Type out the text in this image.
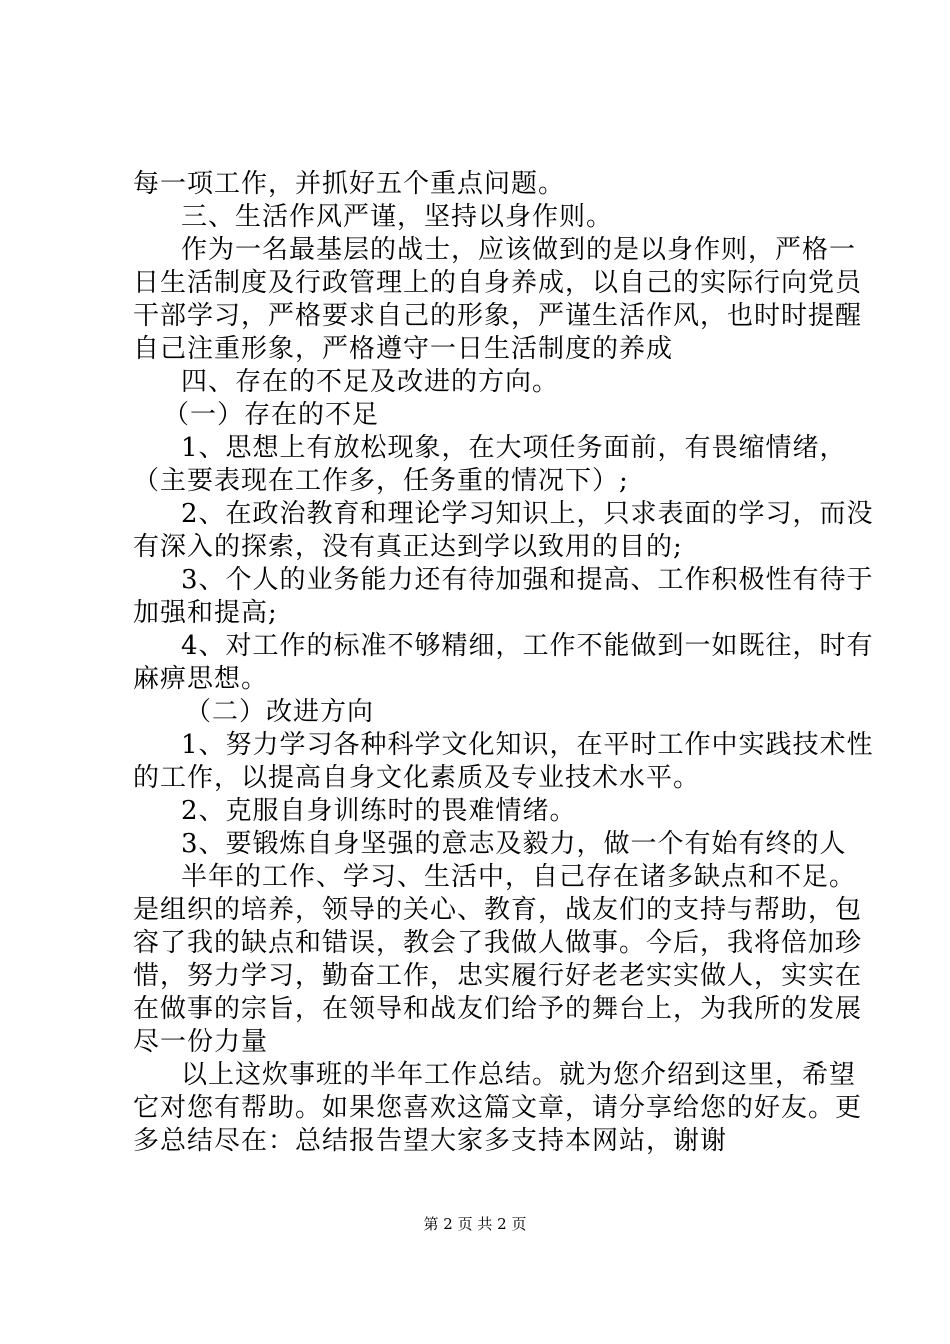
每一项工作，并抓好五个重点问题。
三、生活作风严谨，坚持以身作则。
作为一名最基层的战士，应该做到的是以身作则，严格一
日生活制度及行政管理上的自身养成，以自己的实际行向党员
干部学习，严格要求自己的形象，严谨生活作风，也时时提醒
自己注重形象，严格遵守一日生活制度的养成
四、存在的不足及改进的方向。
（一）存在的不足
1、思想上有放松现象，在大项任务面前，有畏缩情绪，
（主要表现在工作多，任务重的情况下）;
2、在政治教育和理论学习知识上，只求表面的学习，而没
有深入的探索，没有真正达到学以致用的目的;
3、个人的业务能力还有待加强和提高、工作积极性有待于
加强和提高;
4、对工作的标准不够精细，工作不能做到一如既往，时有
麻痹思想。
（二）改进方向
1、努力学习各种科学文化知识，在平时工作中实践技术性
的工作，以提高自身文化素质及专业技术水平。
2、克服自身训练时的畏难情绪。
3、要锻炼自身坚强的意志及毅力，做一个有始有终的人
半年的工作、学习、生活中，自己存在诸多缺点和不足。
是组织的培养，领导的关心、教育，战友们的支持与帮助，包
容了我的缺点和错误，教会了我做人做事。今后，我将倍加珍
惜，努力学习，勤奋工作，忠实履行好老老实实做人，实实在
在做事的宗旨，在领导和战友们给予的舞台上，为我所的发展
尽一份力量
以上这炊事班的半年工作总结。就为您介绍到这里，希望
它对您有帮助。如果您喜欢这篇文章，请分享给您的好友。更
多总结尽在：总结报告望大家多支持本网站，谢谢
第 2 页 共 2 页
